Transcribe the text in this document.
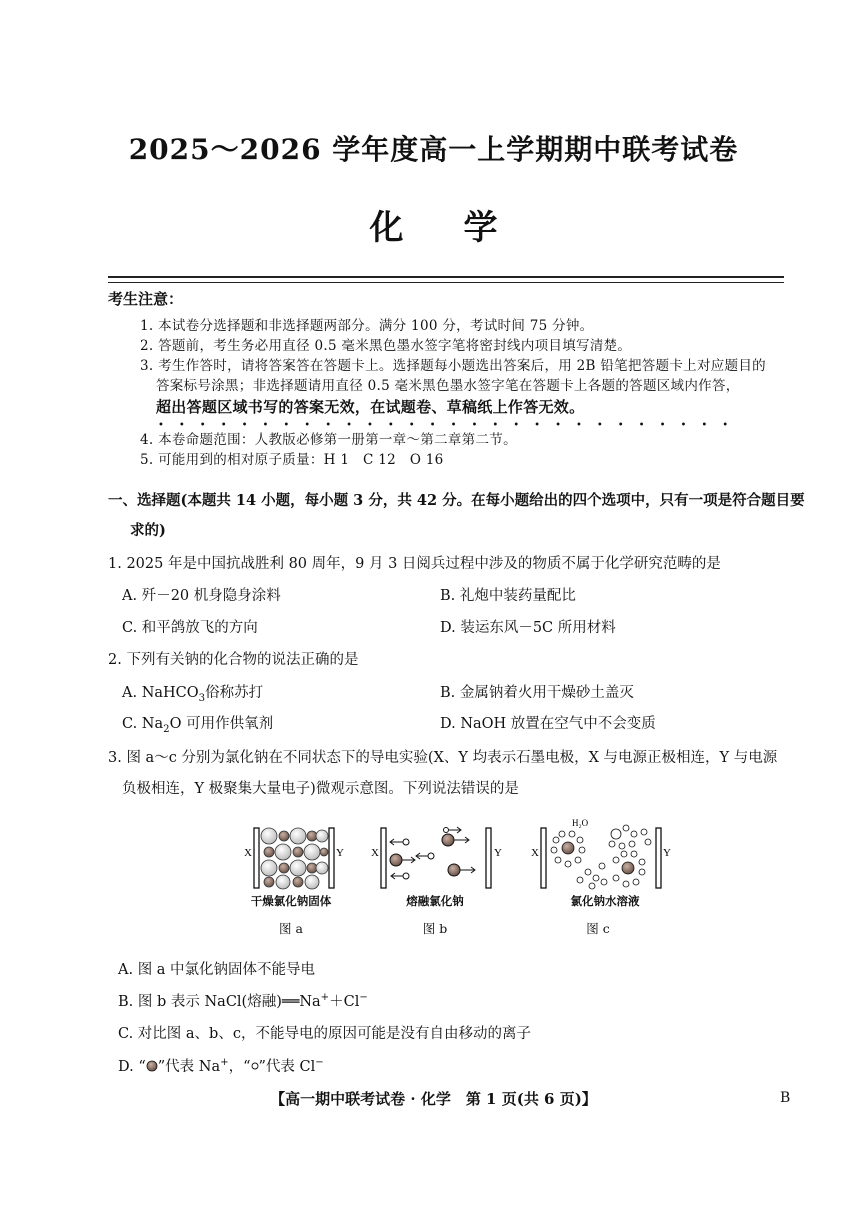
2025～2026 学年度高一上学期期中联考试卷
化学
考生注意：
1. 本试卷分选择题和非选择题两部分。满分 100 分，考试时间 75 分钟。
2. 答题前，考生务必用直径 0.5 毫米黑色墨水签字笔将密封线内项目填写清楚。
3. 考生作答时，请将答案答在答题卡上。选择题每小题选出答案后，用 2B 铅笔把答题卡上对应题目的
答案标号涂黑；非选择题请用直径 0.5 毫米黑色墨水签字笔在答题卡上各题的答题区域内作答，
超出答题区域书写的答案无效，在试题卷、草稿纸上作答无效。
••••••••••••••••••••••••••••
4. 本卷命题范围：人教版必修第一册第一章～第二章第二节。
5. 可能用到的相对原子质量：H 1　C 12　O 16
一、选择题(本题共 14 小题，每小题 3 分，共 42 分。在每小题给出的四个选项中，只有一项是符合题目要
求的)
1. 2025 年是中国抗战胜利 80 周年，9 月 3 日阅兵过程中涉及的物质不属于化学研究范畴的是
A. 歼－20 机身隐身涂料	B. 礼炮中装药量配比
C. 和平鸽放飞的方向	D. 装运东风－5C 所用材料
2. 下列有关钠的化合物的说法正确的是
A. NaHCO$_3$俗称苏打	B. 金属钠着火用干燥砂土盖灭
C. $Na_2O$ 可用作供氧剂	D. NaOH 放置在空气中不会变质
3. 图 a～c 分别为氯化钠在不同状态下的导电实验(X、Y 均表示石墨电极，X 与电源正极相连，Y 与电源
负极相连，Y 极聚集大量电子)微观示意图。下列说法错误的是
X	Y X	Y
H₂O
X	Y
干燥氯化钠固体	熔融氯化钠	氯化钠水溶液
图 a	图 b	图 c
A. 图 a 中氯化钠固体不能导电
B. 图 b 表示 NaCl(熔融)══Na+＋Cl−
C. 对比图 a、b、c，不能导电的原因可能是没有自由移动的离子
D. “ ”代表 Na+，“ ”代表 Cl−
【高一期中联考试卷 · 化学　第 1 页(共 6 页)】	B
